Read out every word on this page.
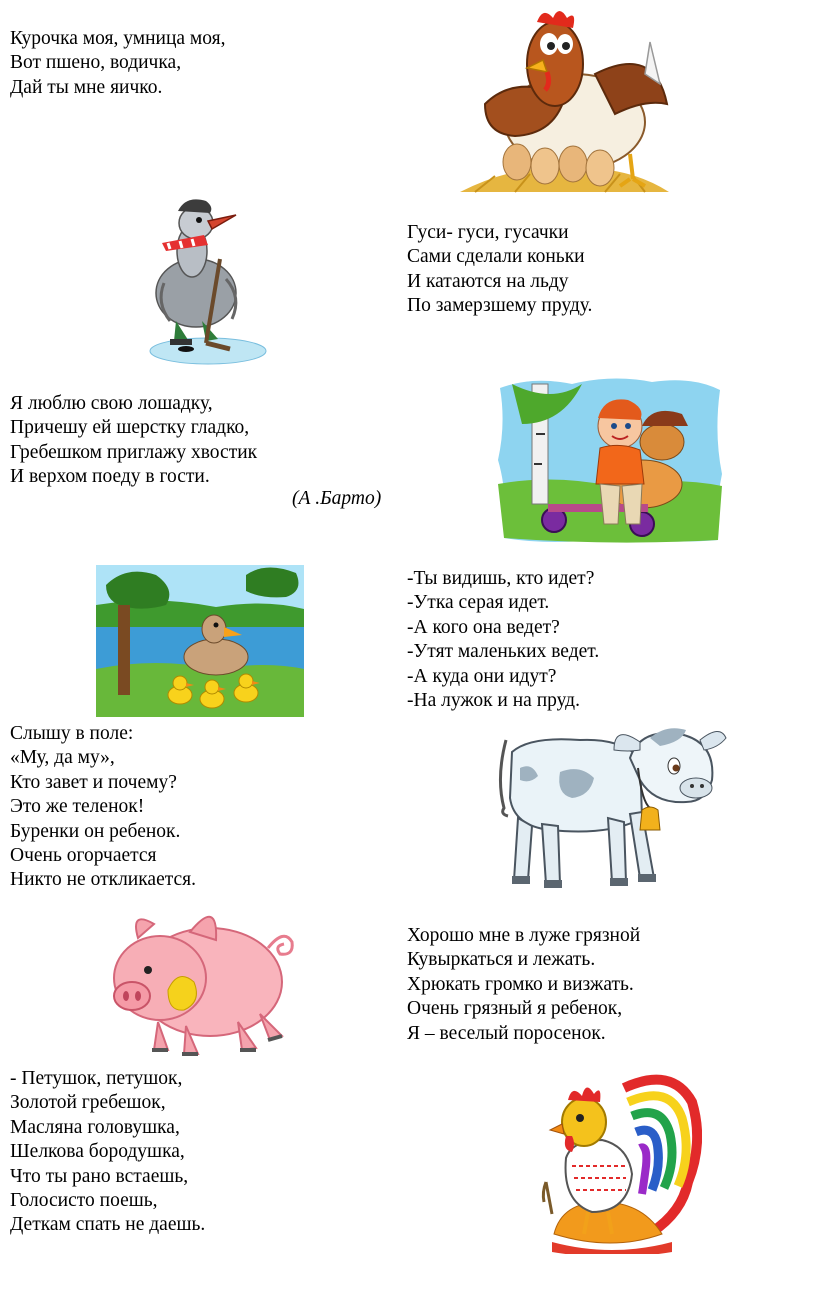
Курочка моя, умница моя,
Вот пшено, водичка,
Дай ты мне яичко.
Гуси- гуси, гусачки
Сами сделали коньки
И катаются на льду
По замерзшему пруду.
Я люблю свою лошадку,
Причешу ей шерстку гладко,
Гребешком приглажу хвостик
И верхом поеду в гости.
(А .Барто)
-Ты видишь, кто идет?
-Утка серая идет.
-А кого она ведет?
-Утят маленьких ведет.
-А куда они идут?
-На лужок и на пруд.
Слышу в поле:
«Му, да му»,
Кто завет и почему?
Это же теленок!
Буренки он ребенок.
Очень огорчается
Никто не откликается.
Хорошо мне в луже грязной
Кувыркаться и лежать.
Хрюкать громко и визжать.
Очень грязный я ребенок,
Я – веселый поросенок.
- Петушок, петушок,
Золотой гребешок,
Масляна головушка,
Шелкова бородушка,
Что ты рано встаешь,
Голосисто поешь,
Деткам спать не даешь.
